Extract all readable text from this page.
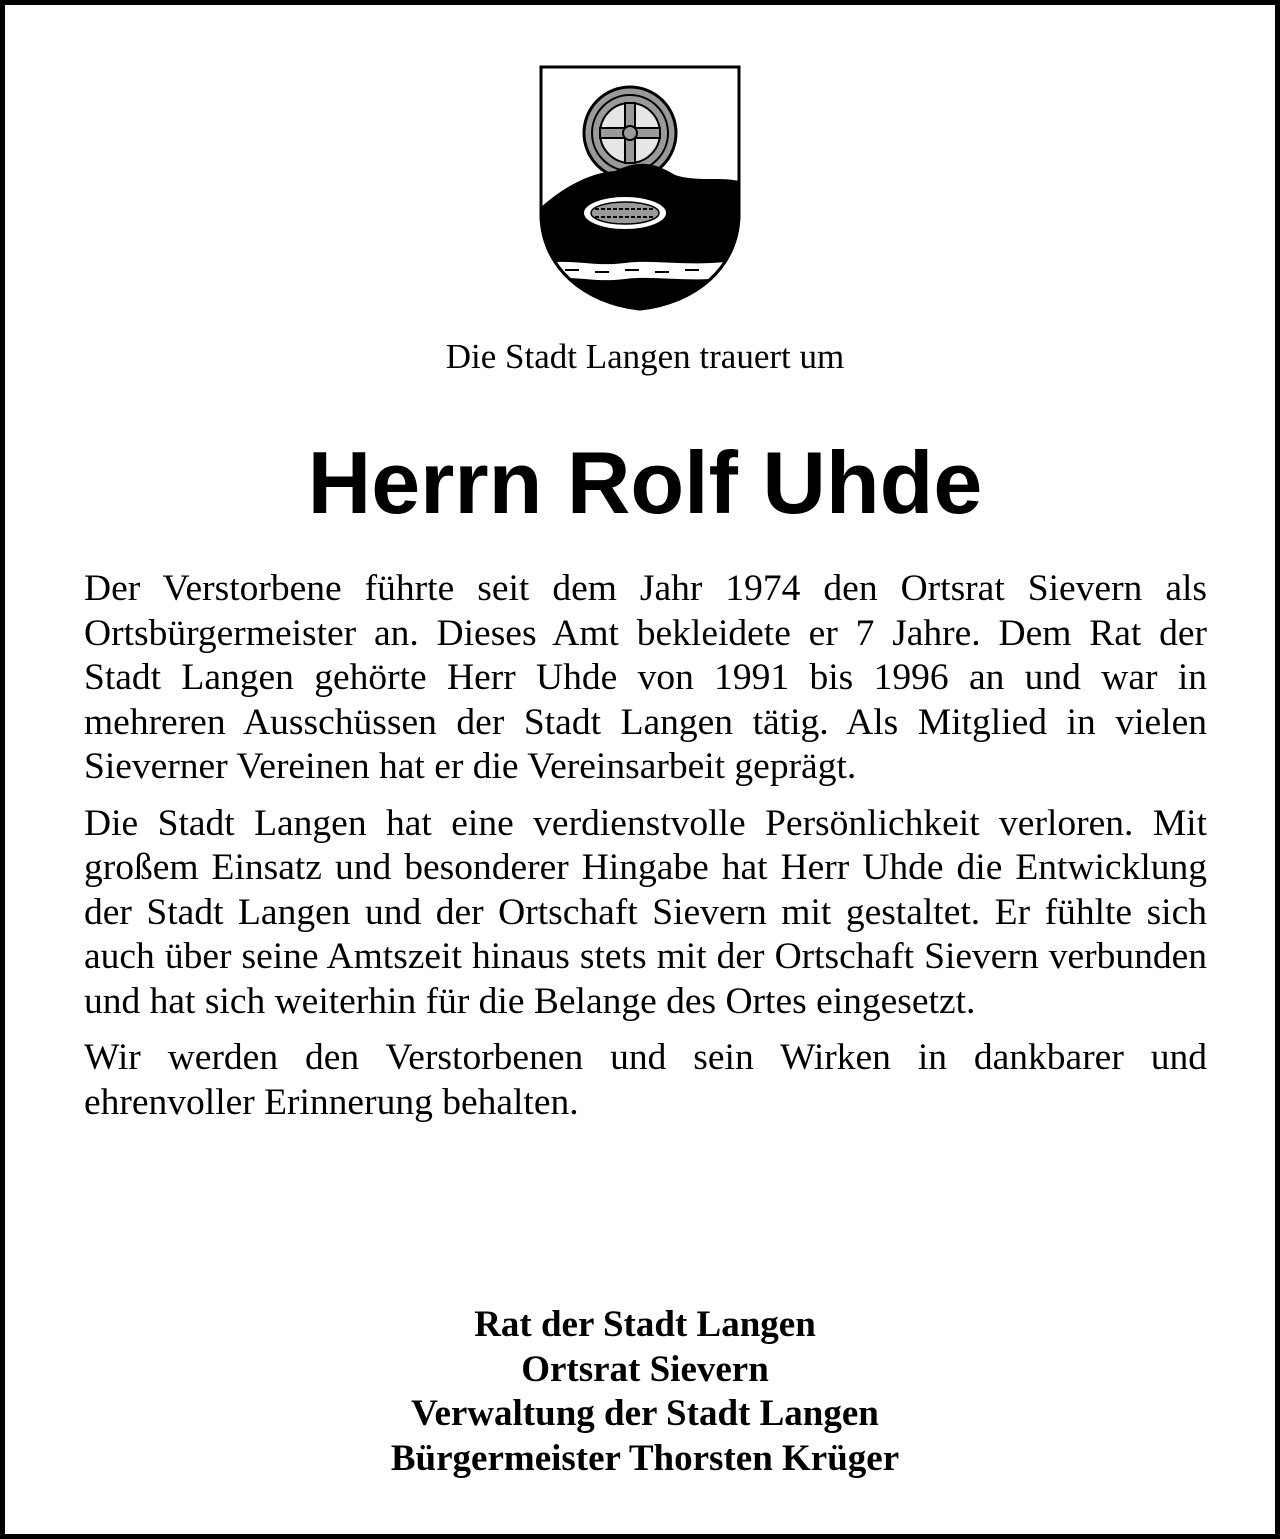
Die Stadt Langen trauert um
Herrn Rolf Uhde

Der Verstorbene führte seit dem Jahr 1974 den Ortsrat Sievern als Ortsbürgermeister an. Dieses Amt bekleidete er 7 Jahre. Dem Rat der Stadt Langen gehörte Herr Uhde von 1991 bis 1996 an und war in mehreren Ausschüssen der Stadt Langen tätig. Als Mitglied in vielen Sieverner Vereinen hat er die Vereinsarbeit geprägt.

Die Stadt Langen hat eine verdienstvolle Persönlichkeit verloren. Mit großem Einsatz und besonderer Hingabe hat Herr Uhde die Entwicklung der Stadt Langen und der Ortschaft Sievern mit gestaltet. Er fühlte sich auch über seine Amtszeit hinaus stets mit der Ortschaft Sievern verbunden und hat sich weiterhin für die Belange des Ortes eingesetzt.

Wir werden den Verstorbenen und sein Wirken in dankbarer und ehrenvoller Erinnerung behalten.

Rat der Stadt Langen
Ortsrat Sievern
Verwaltung der Stadt Langen
Bürgermeister Thorsten Krüger
